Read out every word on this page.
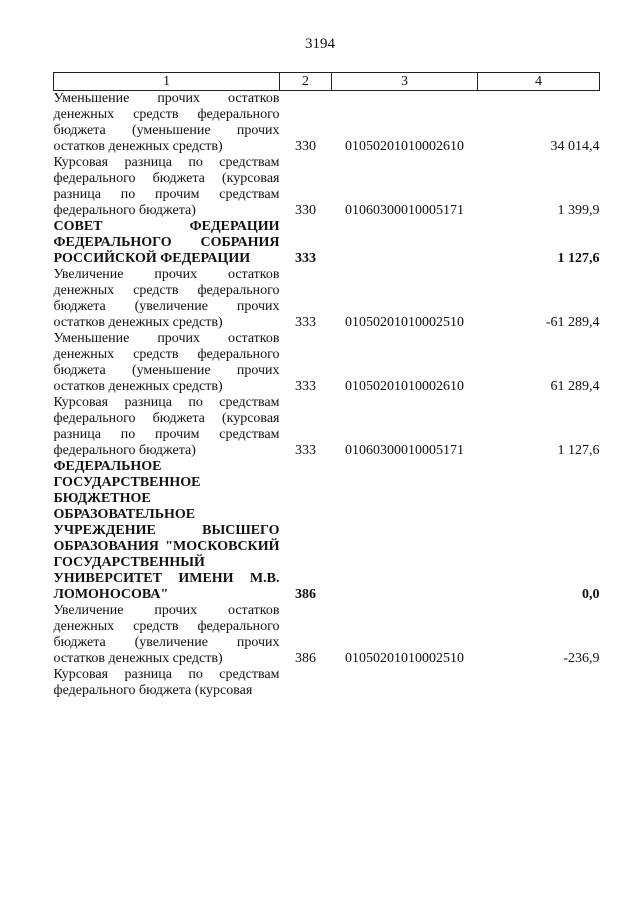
3194
1	2	3	4
Уменьшение прочих остатков денежных средств федерального бюджета (уменьшение прочих остатков денежных средств)	330	01050201010002610	34 014,4
Курсовая разница по средствам федерального бюджета (курсовая разница по прочим средствам федерального бюджета)	330	01060300010005171	1 399,9
СОВЕТ ФЕДЕРАЦИИ ФЕДЕРАЛЬНОГО СОБРАНИЯ РОССИЙСКОЙ ФЕДЕРАЦИИ	333		1 127,6
Увеличение прочих остатков денежных средств федерального бюджета (увеличение прочих остатков денежных средств)	333	01050201010002510	-61 289,4
Уменьшение прочих остатков денежных средств федерального бюджета (уменьшение прочих остатков денежных средств)	333	01050201010002610	61 289,4
Курсовая разница по средствам федерального бюджета (курсовая разница по прочим средствам федерального бюджета)	333	01060300010005171	1 127,6
ФЕДЕРАЛЬНОЕ ГОСУДАРСТВЕННОЕ БЮДЖЕТНОЕ ОБРАЗОВАТЕЛЬНОЕ УЧРЕЖДЕНИЕ ВЫСШЕГО ОБРАЗОВАНИЯ "МОСКОВСКИЙ ГОСУДАРСТВЕННЫЙ УНИВЕРСИТЕТ ИМЕНИ М.В. ЛОМОНОСОВА"	386		0,0
Увеличение прочих остатков денежных средств федерального бюджета (увеличение прочих остатков денежных средств)	386	01050201010002510	-236,9
Курсовая разница по средствам федерального бюджета (курсовая			
